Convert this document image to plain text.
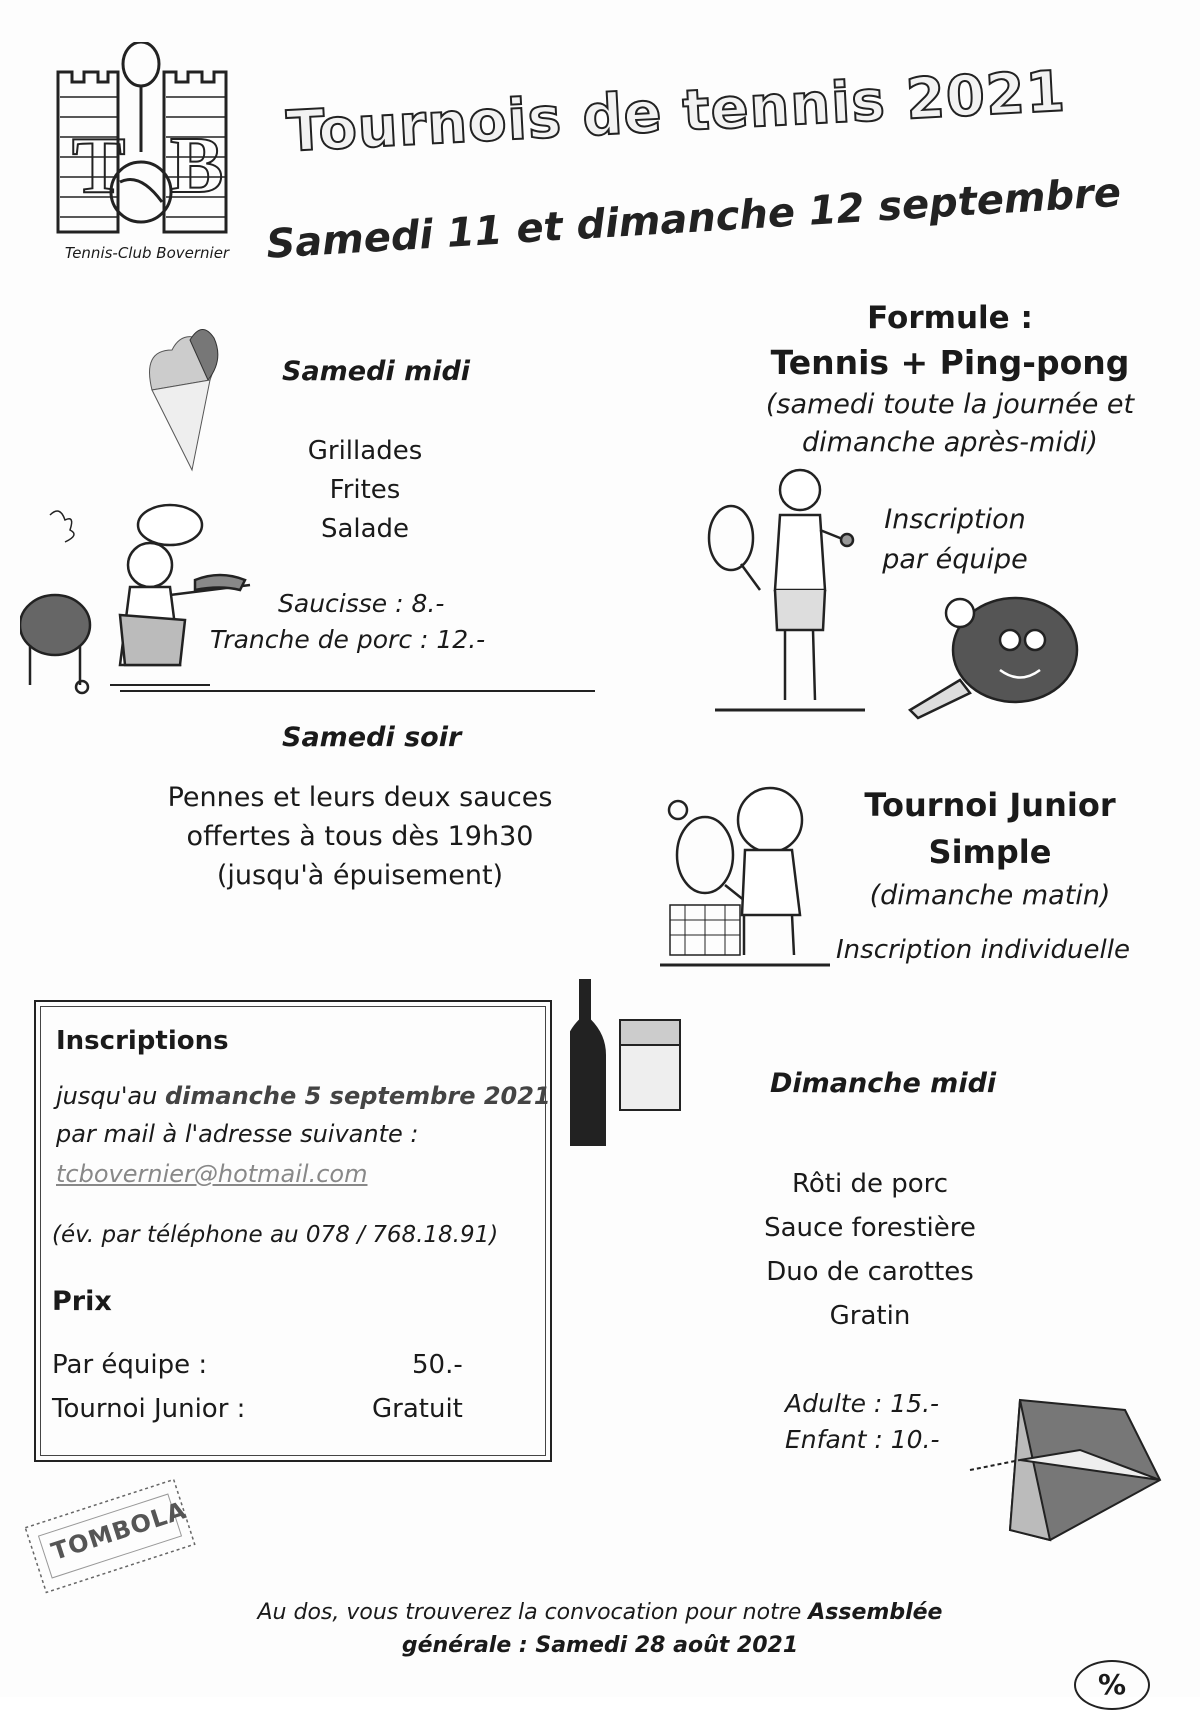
T B
Tennis-Club Bovernier
Tournois de tennis 2021
Samedi 11 et dimanche 12 septembre
Samedi midi
Grillades
Frites
Salade
Saucisse : 8.-
Tranche de porc : 12.-
Formule :
Tennis + Ping-pong
(samedi toute la journée et
dimanche après-midi)
Inscription
par équipe
Samedi soir
Pennes et leurs deux sauces
offertes à tous dès 19h30
(jusqu'à épuisement)
Tournoi Junior
Simple
(dimanche matin)
Inscription individuelle
Inscriptions
jusqu'au dimanche 5 septembre 2021
par mail à l'adresse suivante :
tcbovernier@hotmail.com
(év. par téléphone au 078 / 768.18.91)
Prix
Par équipe :	50.-
Tournoi Junior :	Gratuit
Dimanche midi
Rôti de porc
Sauce forestière
Duo de carottes
Gratin
Adulte : 15.-
Enfant : 10.-
TOMBOLA
Au dos, vous trouverez la convocation pour notre Assemblée
générale : Samedi 28 août 2021
%
